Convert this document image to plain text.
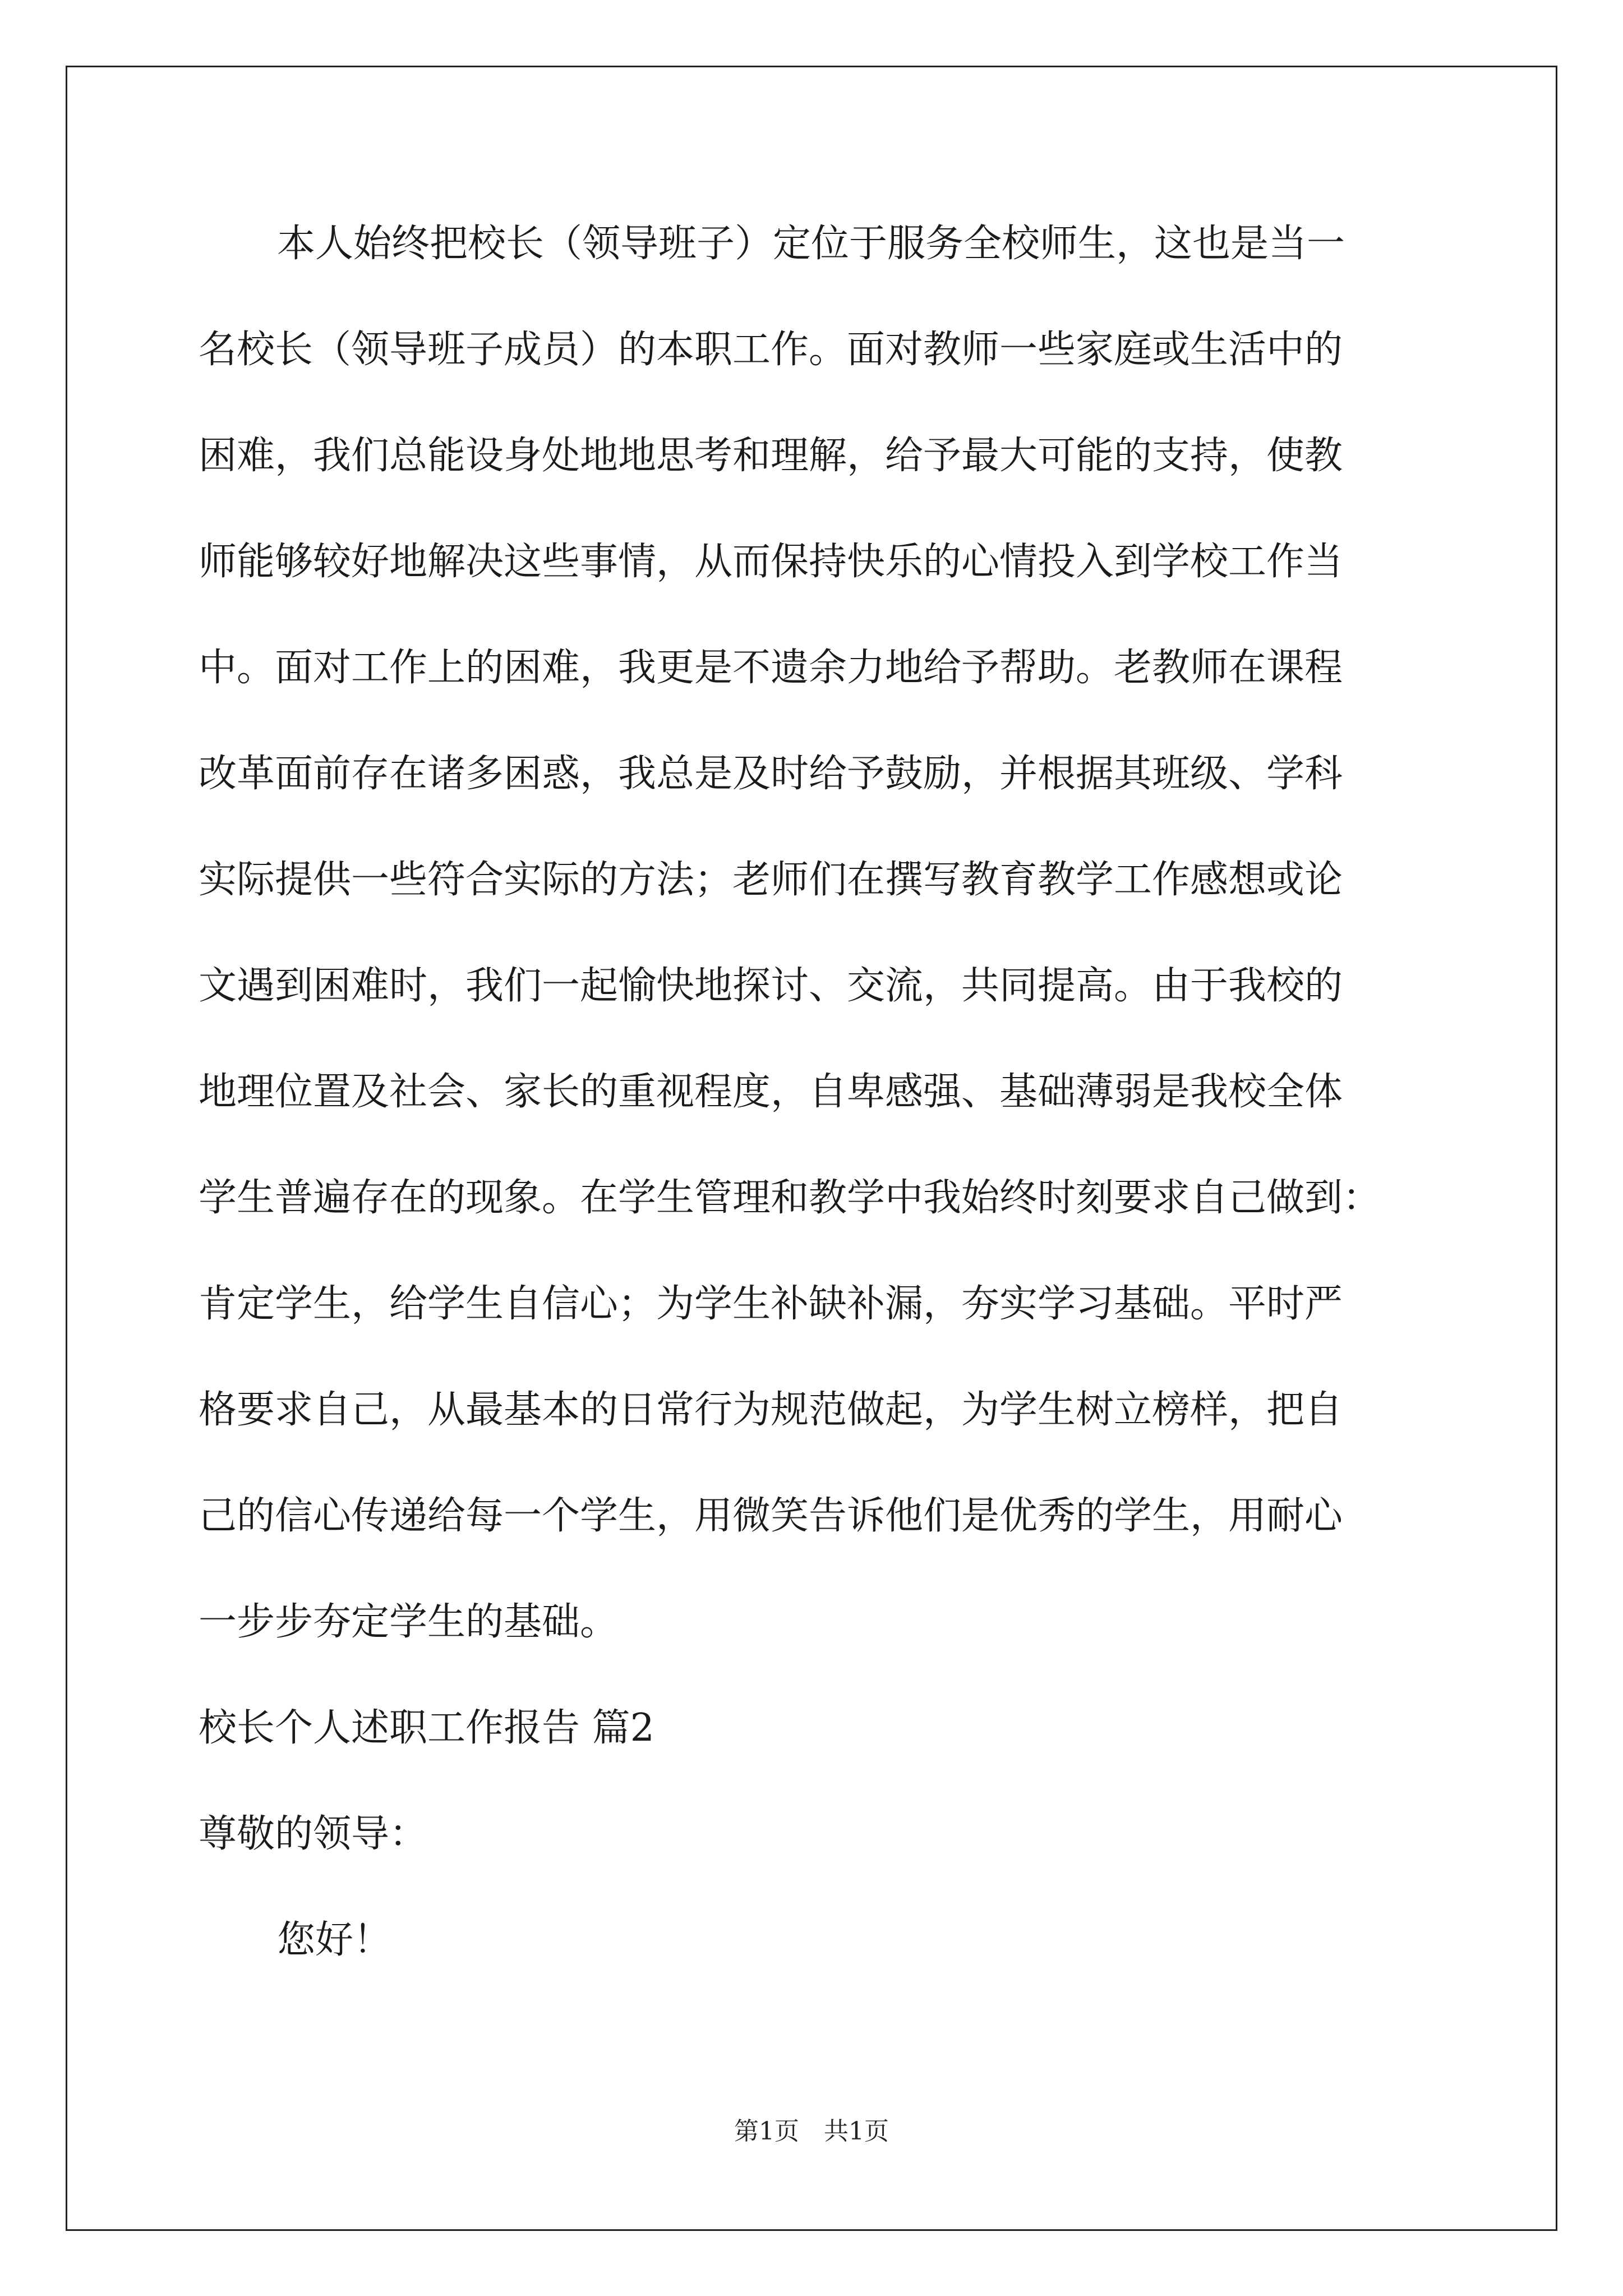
本人始终把校长（领导班子）定位于服务全校师生，这也是当一
名校长（领导班子成员）的本职工作。面对教师一些家庭或生活中的
困难，我们总能设身处地地思考和理解，给予最大可能的支持，使教
师能够较好地解决这些事情，从而保持快乐的心情投入到学校工作当
中。面对工作上的困难，我更是不遗余力地给予帮助。老教师在课程
改革面前存在诸多困惑，我总是及时给予鼓励，并根据其班级、学科
实际提供一些符合实际的方法；老师们在撰写教育教学工作感想或论
文遇到困难时，我们一起愉快地探讨、交流，共同提高。由于我校的
地理位置及社会、家长的重视程度，自卑感强、基础薄弱是我校全体
学生普遍存在的现象。在学生管理和教学中我始终时刻要求自己做到：
肯定学生，给学生自信心；为学生补缺补漏，夯实学习基础。平时严
格要求自己，从最基本的日常行为规范做起，为学生树立榜样，把自
己的信心传递给每一个学生，用微笑告诉他们是优秀的学生，用耐心
一步步夯定学生的基础。
校长个人述职工作报告 篇2
尊敬的领导：
您好！
第1页　共1页
